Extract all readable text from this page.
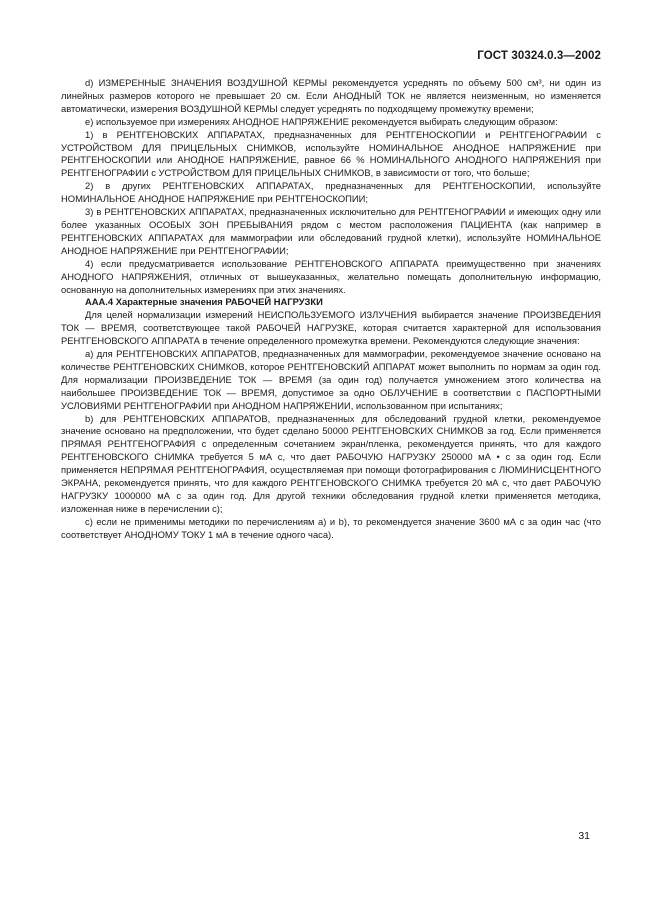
ГОСТ 30324.0.3—2002

d) ИЗМЕРЕННЫЕ ЗНАЧЕНИЯ ВОЗДУШНОЙ КЕРМЫ рекомендуется усреднять по объему 500 см³, ни один из линейных размеров которого не превышает 20 см. Если АНОДНЫЙ ТОК не является неизменным, но изменяется автоматически, измерения ВОЗДУШНОЙ КЕРМЫ следует усреднять по подходящему промежутку времени;

e) используемое при измерениях АНОДНОЕ НАПРЯЖЕНИЕ рекомендуется выбирать следующим образом:

1) в РЕНТГЕНОВСКИХ АППАРАТАХ, предназначенных для РЕНТГЕНОСКОПИИ и РЕНТГЕНОГРАФИИ с УСТРОЙСТВОМ ДЛЯ ПРИЦЕЛЬНЫХ СНИМКОВ, используйте НОМИНАЛЬНОЕ АНОДНОЕ НАПРЯЖЕНИЕ при РЕНТГЕНОСКОПИИ или АНОДНОЕ НАПРЯЖЕНИЕ, равное 66 % НОМИНАЛЬНОГО АНОДНОГО НАПРЯЖЕНИЯ при РЕНТГЕНОГРАФИИ с УСТРОЙСТВОМ ДЛЯ ПРИЦЕЛЬНЫХ СНИМКОВ, в зависимости от того, что больше;

2) в других РЕНТГЕНОВСКИХ АППАРАТАХ, предназначенных для РЕНТГЕНОСКОПИИ, используйте НОМИНАЛЬНОЕ АНОДНОЕ НАПРЯЖЕНИЕ при РЕНТГЕНОСКОПИИ;

3) в РЕНТГЕНОВСКИХ АППАРАТАХ, предназначенных исключительно для РЕНТГЕНОГРАФИИ и имеющих одну или более указанных ОСОБЫХ ЗОН ПРЕБЫВАНИЯ рядом с местом расположения ПАЦИЕНТА (как например в РЕНТГЕНОВСКИХ АППАРАТАХ для маммографии или обследований грудной клетки), используйте НОМИНАЛЬНОЕ АНОДНОЕ НАПРЯЖЕНИЕ при РЕНТГЕНОГРАФИИ;

4) если предусматривается использование РЕНТГЕНОВСКОГО АППАРАТА преимущественно при значениях АНОДНОГО НАПРЯЖЕНИЯ, отличных от вышеуказанных, желательно помещать дополнительную информацию, основанную на дополнительных измерениях при этих значениях.

ААА.4 Характерные значения РАБОЧЕЙ НАГРУЗКИ

Для целей нормализации измерений НЕИСПОЛЬЗУЕМОГО ИЗЛУЧЕНИЯ выбирается значение ПРОИЗВЕДЕНИЯ ТОК — ВРЕМЯ, соответствующее такой РАБОЧЕЙ НАГРУЗКЕ, которая считается характерной для использования РЕНТГЕНОВСКОГО АППАРАТА в течение определенного промежутка времени. Рекомендуются следующие значения:

a) для РЕНТГЕНОВСКИХ АППАРАТОВ, предназначенных для маммографии, рекомендуемое значение основано на количестве РЕНТГЕНОВСКИХ СНИМКОВ, которое РЕНТГЕНОВСКИЙ АППАРАТ может выполнить по нормам за один год. Для нормализации ПРОИЗВЕДЕНИЕ ТОК — ВРЕМЯ (за один год) получается умножением этого количества на наибольшее ПРОИЗВЕДЕНИЕ ТОК — ВРЕМЯ, допустимое за одно ОБЛУЧЕНИЕ в соответствии с ПАСПОРТНЫМИ УСЛОВИЯМИ РЕНТГЕНОГРАФИИ при АНОДНОМ НАПРЯЖЕНИИ, использованном при испытаниях;

b) для РЕНТГЕНОВСКИХ АППАРАТОВ, предназначенных для обследований грудной клетки, рекомендуемое значение основано на предположении, что будет сделано 50000 РЕНТГЕНОВСКИХ СНИМКОВ за год. Если применяется ПРЯМАЯ РЕНТГЕНОГРАФИЯ с определенным сочетанием экран/пленка, рекомендуется принять, что для каждого РЕНТГЕНОВСКОГО СНИМКА требуется 5 мА с, что дает РАБОЧУЮ НАГРУЗКУ 250000 мА • с за один год. Если применяется НЕПРЯМАЯ РЕНТГЕНОГРАФИЯ, осуществляемая при помощи фотографирования с ЛЮМИНИСЦЕНТНОГО ЭКРАНА, рекомендуется принять, что для каждого РЕНТГЕНОВСКОГО СНИМКА требуется 20 мА с, что дает РАБОЧУЮ НАГРУЗКУ 1000000 мА с за один год. Для другой техники обследования грудной клетки применяется методика, изложенная ниже в перечислении с);

c) если не применимы методики по перечислениям а) и b), то рекомендуется значение 3600 мА с за один час (что соответствует АНОДНОМУ ТОКУ 1 мА в течение одного часа).

31
